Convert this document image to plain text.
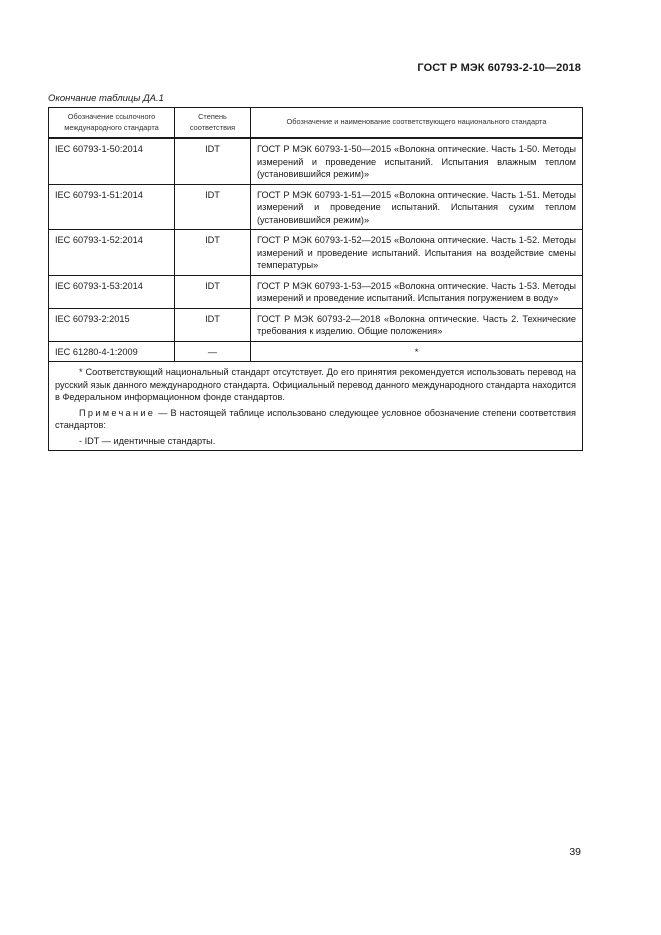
ГОСТ Р МЭК 60793-2-10—2018
Окончание таблицы ДА.1
Обозначение ссылочного международного стандарта	Степень соответствия	Обозначение и наименование соответствующего национального стандарта
IEC 60793-1-50:2014	IDT	ГОСТ Р МЭК 60793-1-50—2015 «Волокна оптические. Часть 1-50. Методы измерений и проведение испытаний. Испытания влажным теплом (установившийся режим)»
IEC 60793-1-51:2014	IDT	ГОСТ Р МЭК 60793-1-51—2015 «Волокна оптические. Часть 1-51. Методы измерений и проведение испытаний. Испытания сухим теплом (установившийся режим)»
IEC 60793-1-52:2014	IDT	ГОСТ Р МЭК 60793-1-52—2015 «Волокна оптические. Часть 1-52. Методы измерений и проведение испытаний. Испытания на воздействие смены температуры»
IEC 60793-1-53:2014	IDT	ГОСТ Р МЭК 60793-1-53—2015 «Волокна оптические. Часть 1-53. Методы измерений и проведение испытаний. Испытания погружением в воду»
IEC 60793-2:2015	IDT	ГОСТ Р МЭК 60793-2—2018 «Волокна оптические. Часть 2. Технические требования к изделию. Общие положения»
IEC 61280-4-1:2009	—	*

* Соответствующий национальный стандарт отсутствует. До его принятия рекомендуется использовать перевод на русский язык данного международного стандарта. Официальный перевод данного международного стандарта находится в Федеральном информационном фонде стандартов.

Примечание — В настоящей таблице использовано следующее условное обозначение степени соответствия стандартов:

- IDT — идентичные стандарты.		

39
